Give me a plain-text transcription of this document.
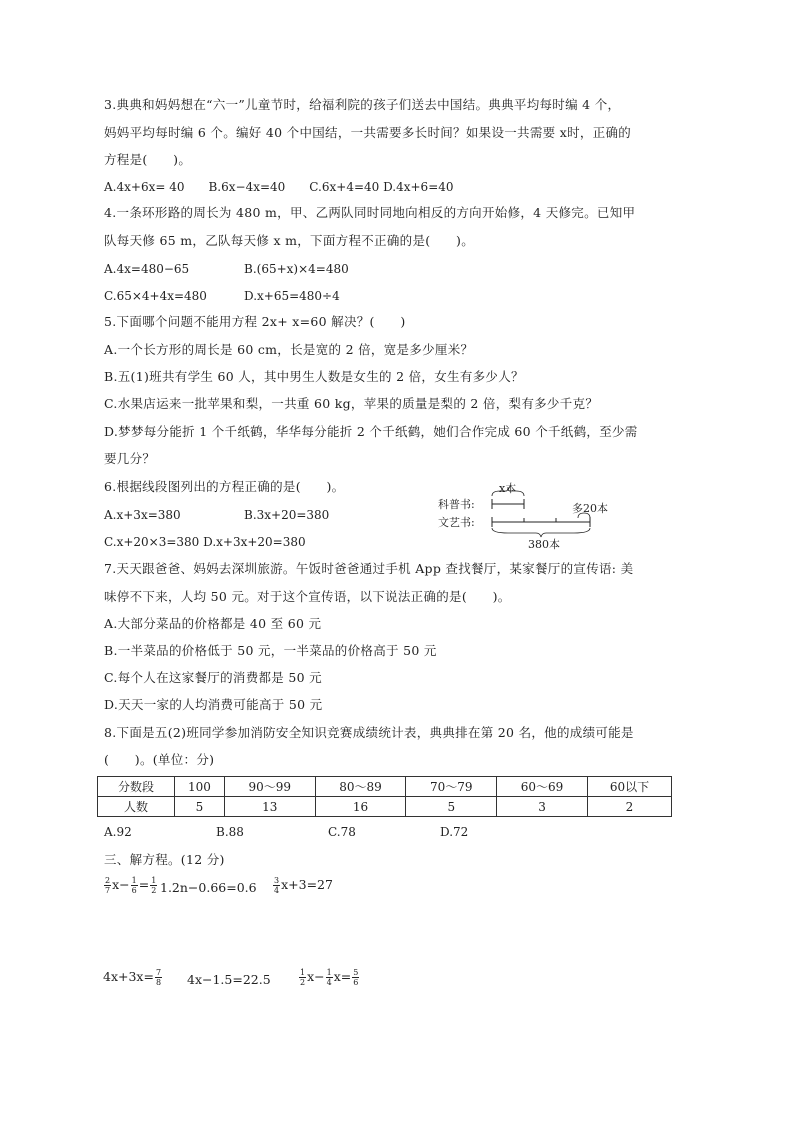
3.典典和妈妈想在“六一”儿童节时，给福利院的孩子们送去中国结。典典平均每时编 4 个，
妈妈平均每时编 6 个。编好 40 个中国结，一共需要多长时间？如果设一共需要 x时，正确的
方程是(　　)。
A.4x+6x= 40　　B.6x−4x=40　　C.6x+4=40 D.4x+6=40
4.一条环形路的周长为 480 m，甲、乙两队同时同地向相反的方向开始修，4 天修完。已知甲
队每天修 65 m，乙队每天修 x m，下面方程不正确的是(　　)。
A.4x=480−65	B.(65+x)×4=480
C.65×4+4x=480	D.x+65=480÷4
5.下面哪个问题不能用方程 2x+ x=60 解决？(　　)
A.一个长方形的周长是 60 cm，长是宽的 2 倍，宽是多少厘米？
B.五(1)班共有学生 60 人，其中男生人数是女生的 2 倍，女生有多少人？
C.水果店运来一批苹果和梨，一共重 60 kg，苹果的质量是梨的 2 倍，梨有多少千克？
D.梦梦每分能折 1 个千纸鹤，华华每分能折 2 个千纸鹤，她们合作完成 60 个千纸鹤，至少需
要几分？
6.根据线段图列出的方程正确的是(　　)。
A.x+3x=380	B.3x+20=380
C.x+20×3=380 D.x+3x+20=380
x本
科普书:
文艺书:
多20本
380本
7.天天跟爸爸、妈妈去深圳旅游。午饭时爸爸通过手机 App 查找餐厅，某家餐厅的宣传语: 美
味停不下来，人均 50 元。对于这个宣传语，以下说法正确的是(　　)。
A.大部分菜品的价格都是 40 至 60 元
B.一半菜品的价格低于 50 元，一半菜品的价格高于 50 元
C.每个人在这家餐厅的消费都是 50 元
D.天天一家的人均消费可能高于 50 元
8.下面是五(2)班同学参加消防安全知识竞赛成绩统计表，典典排在第 20 名，他的成绩可能是
(　　)。(单位：分)
分数段	100	90～99	80～89	70～79	60～69	60以下
人数	5	13	16	5	3	2
A.92	B.88	C.78	D.72
三、解方程。(12 分)
$\frac{2}{7} x- \frac{1}{6} = \frac{1}{2} 1.2n-0.66=0.6 \frac{3}{4} x+3=27$
$4x+3x= \frac{7}{8} 4x-1.5=22.5$	$\frac{1}{2} x- \frac{1}{4} x= \frac{5}{6}$
